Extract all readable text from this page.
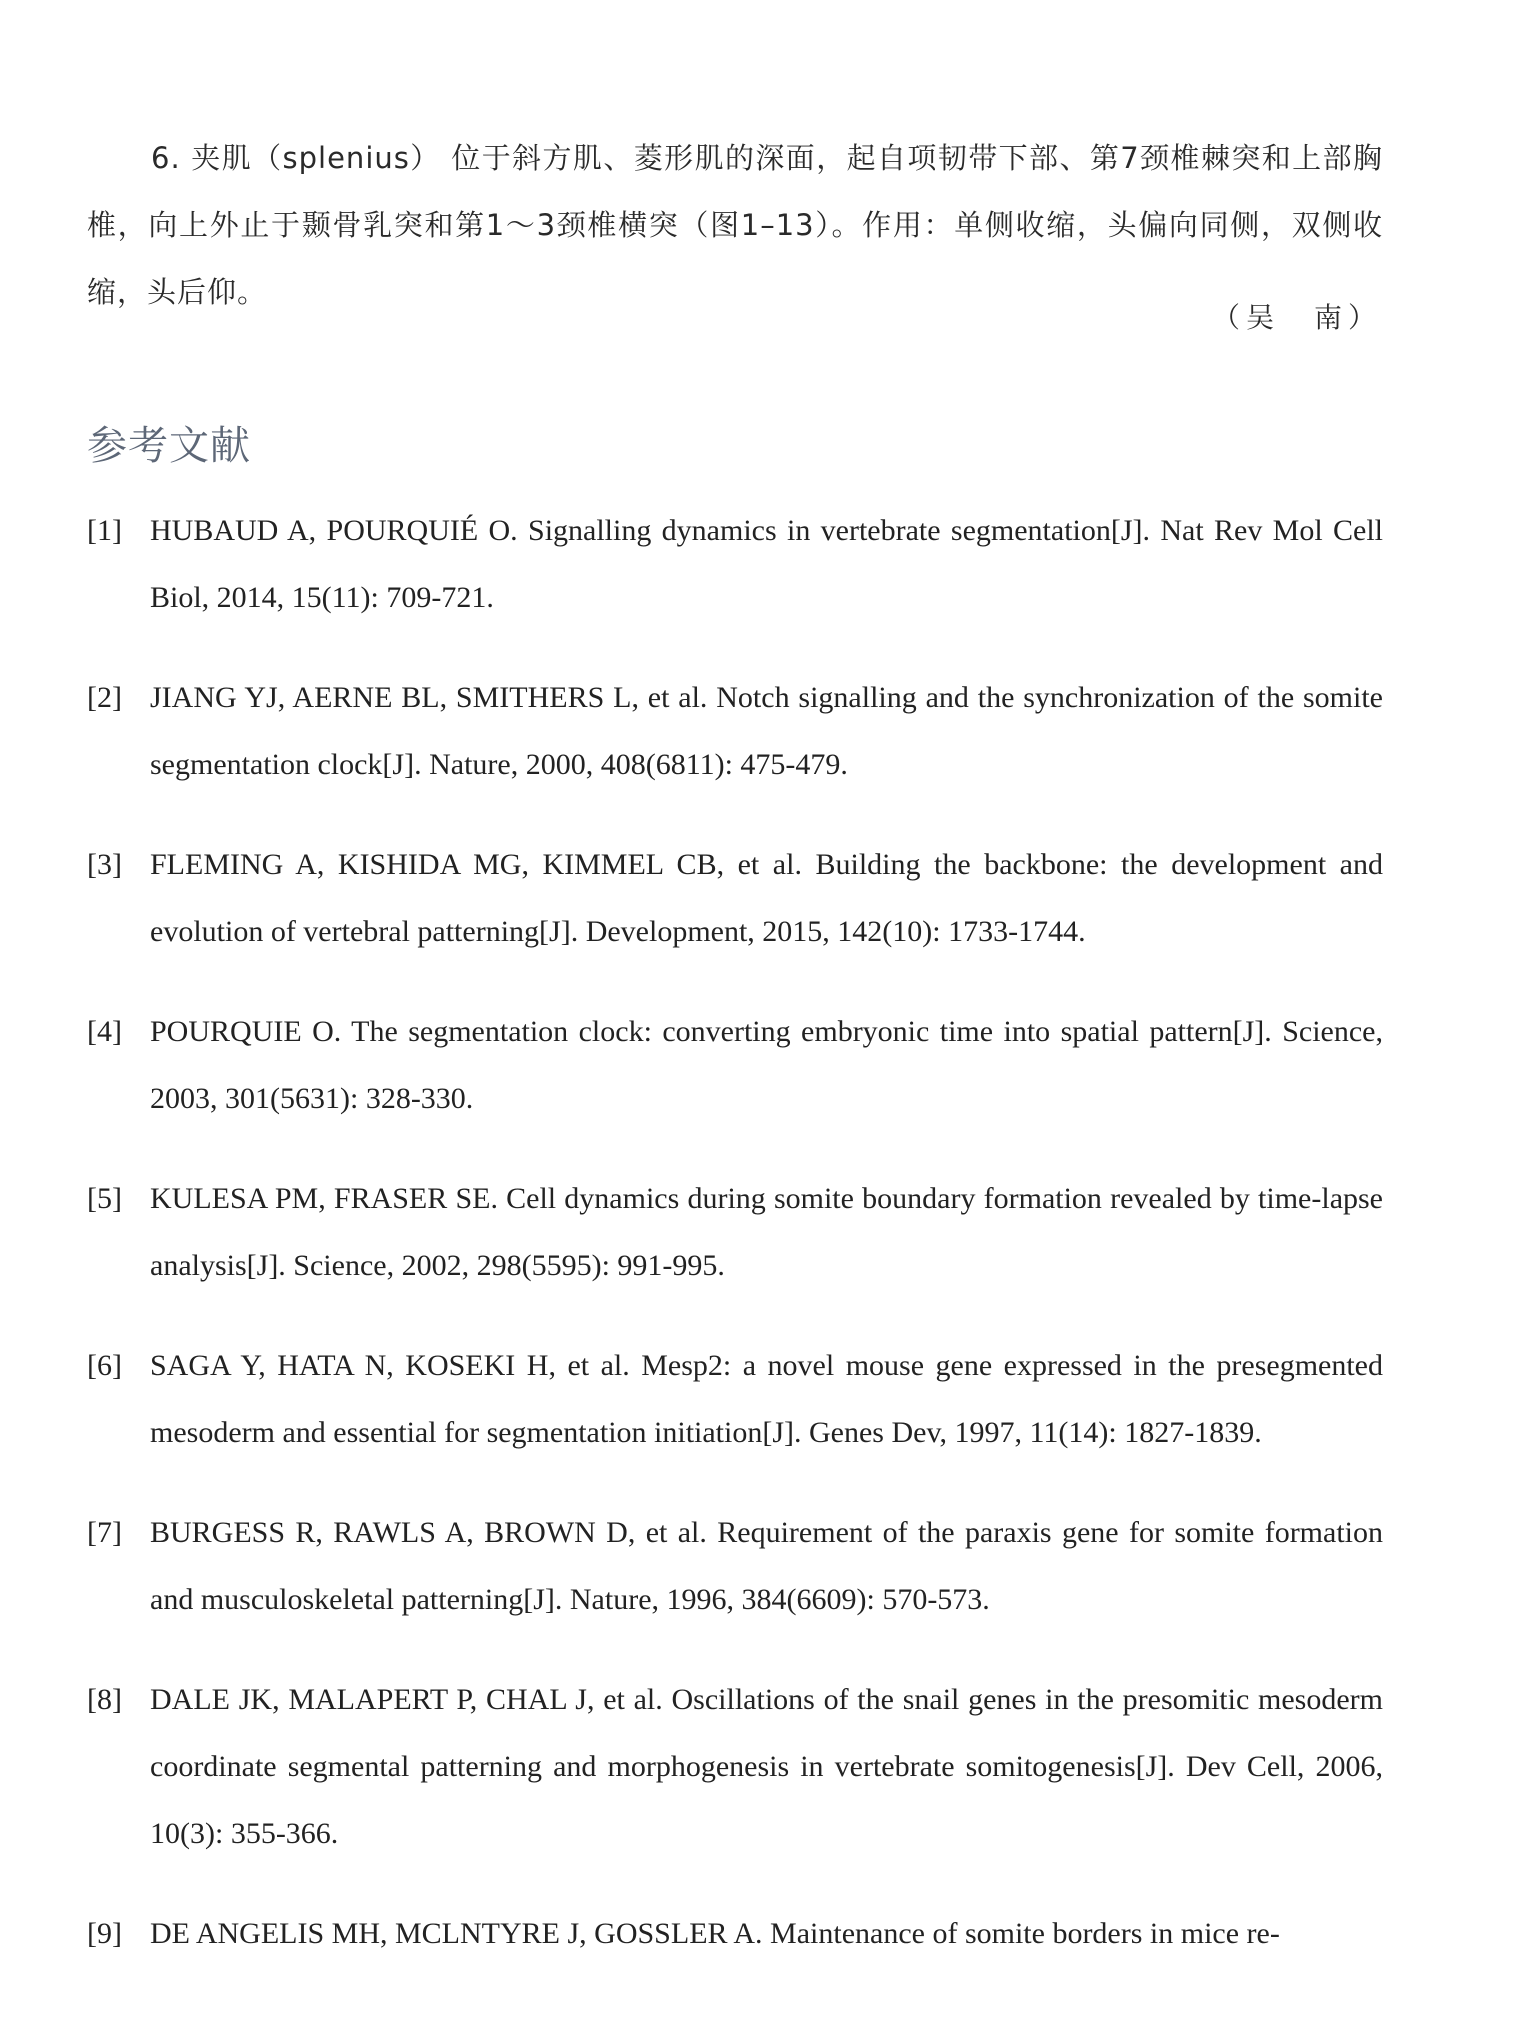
6. 夹肌（splenius） 位于斜方肌、菱形肌的深面，起自项韧带下部、第7颈椎棘突和上部胸椎，向上外止于颞骨乳突和第1～3颈椎横突（图1–13）。作用：单侧收缩，头偏向同侧，双侧收缩，头后仰。

（吴　南）
参考文献
[1] HUBAUD A, POURQUIÉ O. Signalling dynamics in vertebrate segmentation[J]. Nat Rev Mol Cell Biol, 2014, 15(11): 709-721.
[2] JIANG YJ, AERNE BL, SMITHERS L, et al. Notch signalling and the synchronization of the somite segmentation clock[J]. Nature, 2000, 408(6811): 475-479.
[3] FLEMING A, KISHIDA MG, KIMMEL CB, et al. Building the backbone: the development and evolution of vertebral patterning[J]. Development, 2015, 142(10): 1733-1744.
[4] POURQUIE O. The segmentation clock: converting embryonic time into spatial pattern[J]. Science, 2003, 301(5631): 328-330.
[5] KULESA PM, FRASER SE. Cell dynamics during somite boundary formation revealed by time-lapse analysis[J]. Science, 2002, 298(5595): 991-995.
[6] SAGA Y, HATA N, KOSEKI H, et al. Mesp2: a novel mouse gene expressed in the presegmented mesoderm and essential for segmentation initiation[J]. Genes Dev, 1997, 11(14): 1827-1839.
[7] BURGESS R, RAWLS A, BROWN D, et al. Requirement of the paraxis gene for somite formation and musculoskeletal patterning[J]. Nature, 1996, 384(6609): 570-573.
[8] DALE JK, MALAPERT P, CHAL J, et al. Oscillations of the snail genes in the presomitic mesoderm coordinate segmental patterning and morphogenesis in vertebrate somitogenesis[J]. Dev Cell, 2006, 10(3): 355-366.
[9] DE ANGELIS MH, MCLNTYRE J, GOSSLER A. Maintenance of somite borders in mice re-
